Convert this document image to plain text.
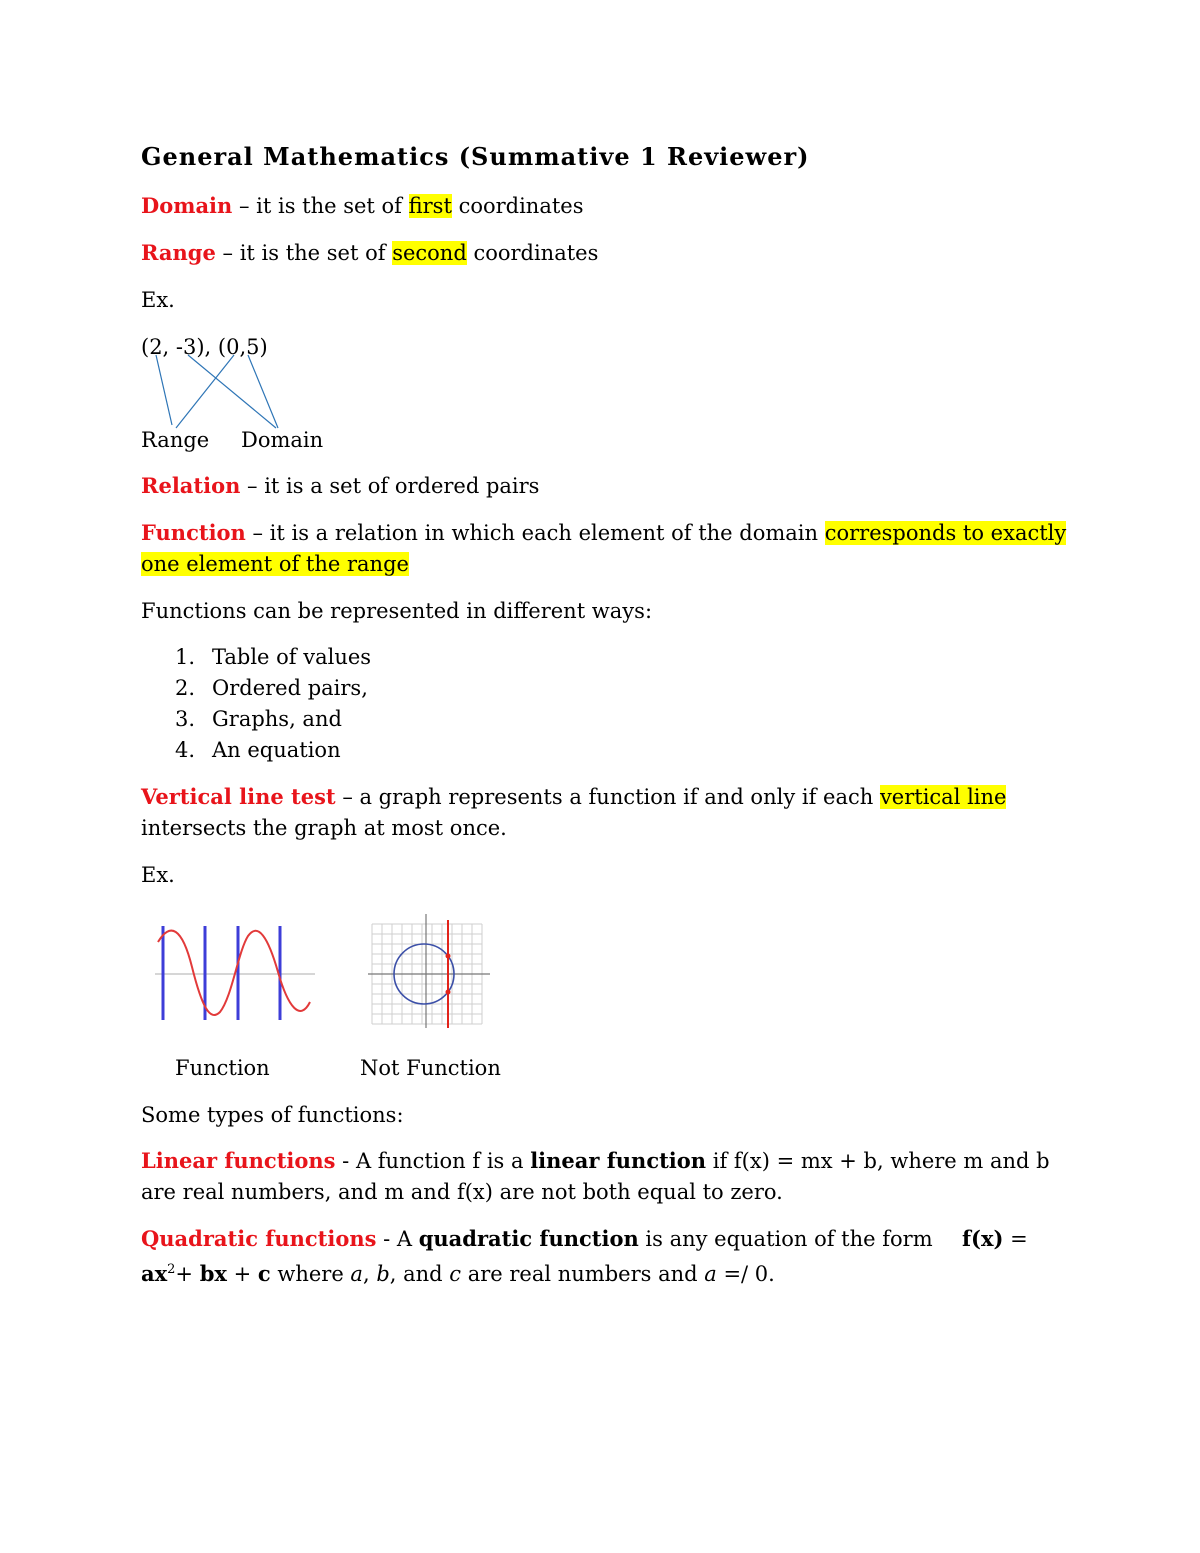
General Mathematics (Summative 1 Reviewer)
Domain – it is the set of first coordinates
Range – it is the set of second coordinates
Ex.
(2, -3), (0,5)
Range Domain
Relation – it is a set of ordered pairs
Function – it is a relation in which each element of the domain corresponds to exactly
one element of the range
Functions can be represented in different ways:
1. Table of values
2. Ordered pairs,
3. Graphs, and
4. An equation
Vertical line test – a graph represents a function if and only if each vertical line
intersects the graph at most once.
Ex.
Function	Not Function
Some types of functions:
Linear functions - A function f is a linear function if f(x) = mx + b, where m and b
are real numbers, and m and f(x) are not both equal to zero.
Quadratic functions - A quadratic function is any equation of the form f(x) =
$ax^2+$ bx + c where a, b, and c are real numbers and a =/ 0.
